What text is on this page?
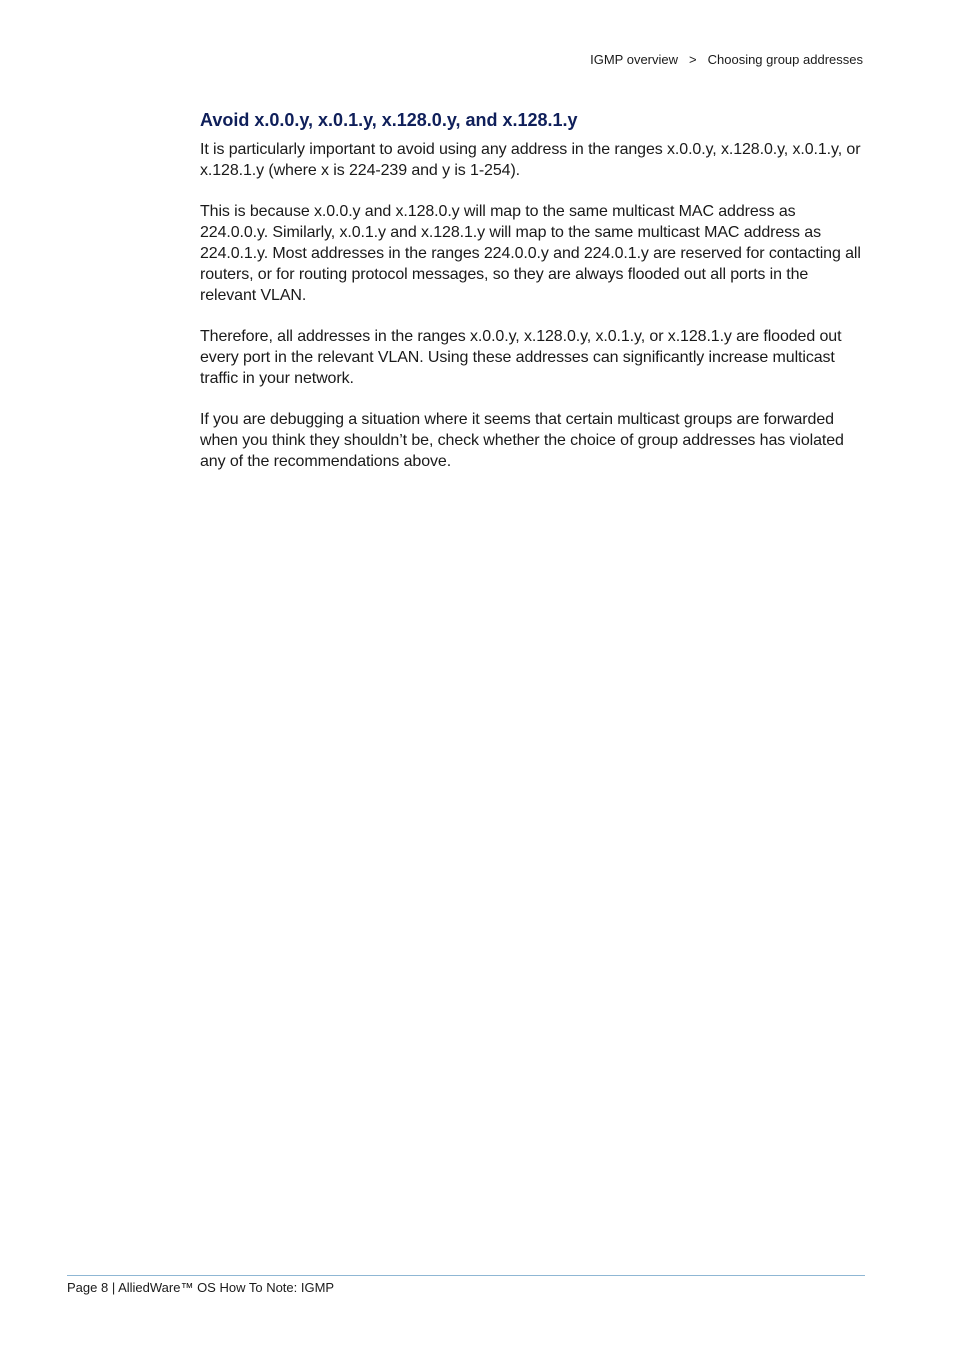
IGMP overview > Choosing group addresses
Avoid x.0.0.y, x.0.1.y, x.128.0.y, and x.128.1.y

It is particularly important to avoid using any address in the ranges x.0.0.y, x.128.0.y, x.0.1.y, or x.128.1.y (where x is 224-239 and y is 1-254).

This is because x.0.0.y and x.128.0.y will map to the same multicast MAC address as 224.0.0.y. Similarly, x.0.1.y and x.128.1.y will map to the same multicast MAC address as 224.0.1.y. Most addresses in the ranges 224.0.0.y and 224.0.1.y are reserved for contacting all routers, or for routing protocol messages, so they are always flooded out all ports in the relevant VLAN.

Therefore, all addresses in the ranges x.0.0.y, x.128.0.y, x.0.1.y, or x.128.1.y are flooded out every port in the relevant VLAN. Using these addresses can significantly increase multicast traffic in your network.

If you are debugging a situation where it seems that certain multicast groups are forwarded when you think they shouldn’t be, check whether the choice of group addresses has violated any of the recommendations above.

Page 8 | AlliedWare™ OS How To Note: IGMP
